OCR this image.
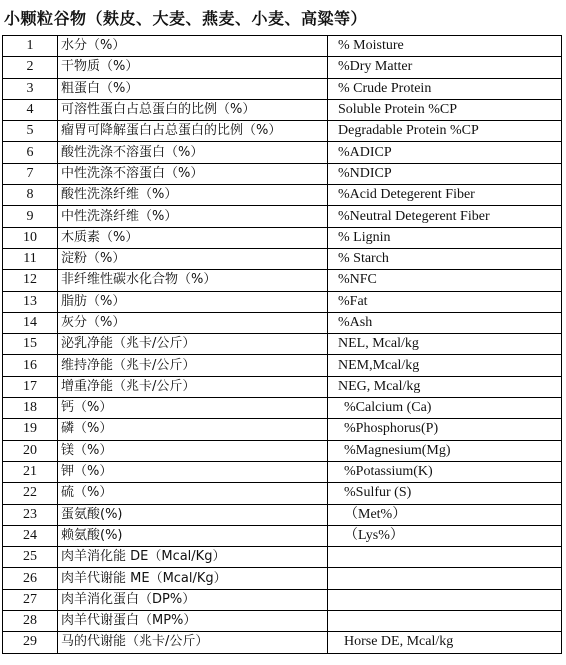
小颗粒谷物（麸皮、大麦、燕麦、小麦、高粱等）
1	水分（%）	% Moisture
2	干物质（%）	%Dry Matter
3	粗蛋白（%）	% Crude Protein
4	可溶性蛋白占总蛋白的比例（%）	Soluble Protein %CP
5	瘤胃可降解蛋白占总蛋白的比例（%）	Degradable Protein %CP
6	酸性洗涤不溶蛋白（%）	%ADICP
7	中性洗涤不溶蛋白（%）	%NDICP
8	酸性洗涤纤维（%）	%Acid Detegerent Fiber
9	中性洗涤纤维（%）	%Neutral Detegerent Fiber
10	木质素（%）	% Lignin
11	淀粉（%）	% Starch
12	非纤维性碳水化合物（%）	%NFC
13	脂肪（%）	%Fat
14	灰分（%）	%Ash
15	泌乳净能（兆卡/公斤）	NEL, Mcal/kg
16	维持净能（兆卡/公斤）	NEM,Mcal/kg
17	增重净能（兆卡/公斤）	NEG, Mcal/kg
18	钙（%）	%Calcium (Ca)
19	磷（%）	%Phosphorus(P)
20	镁（%）	%Magnesium(Mg)
21	钾（%）	%Potassium(K)
22	硫（%）	%Sulfur (S)
23	蛋氨酸(%)	（Met%）
24	赖氨酸(%)	（Lys%）
25	肉羊消化能 DE（Mcal/Kg）	
26	肉羊代谢能 ME（Mcal/Kg）	
27	肉羊消化蛋白（DP%）	
28	肉羊代谢蛋白（MP%）	
29	马的代谢能（兆卡/公斤）	Horse DE, Mcal/kg
